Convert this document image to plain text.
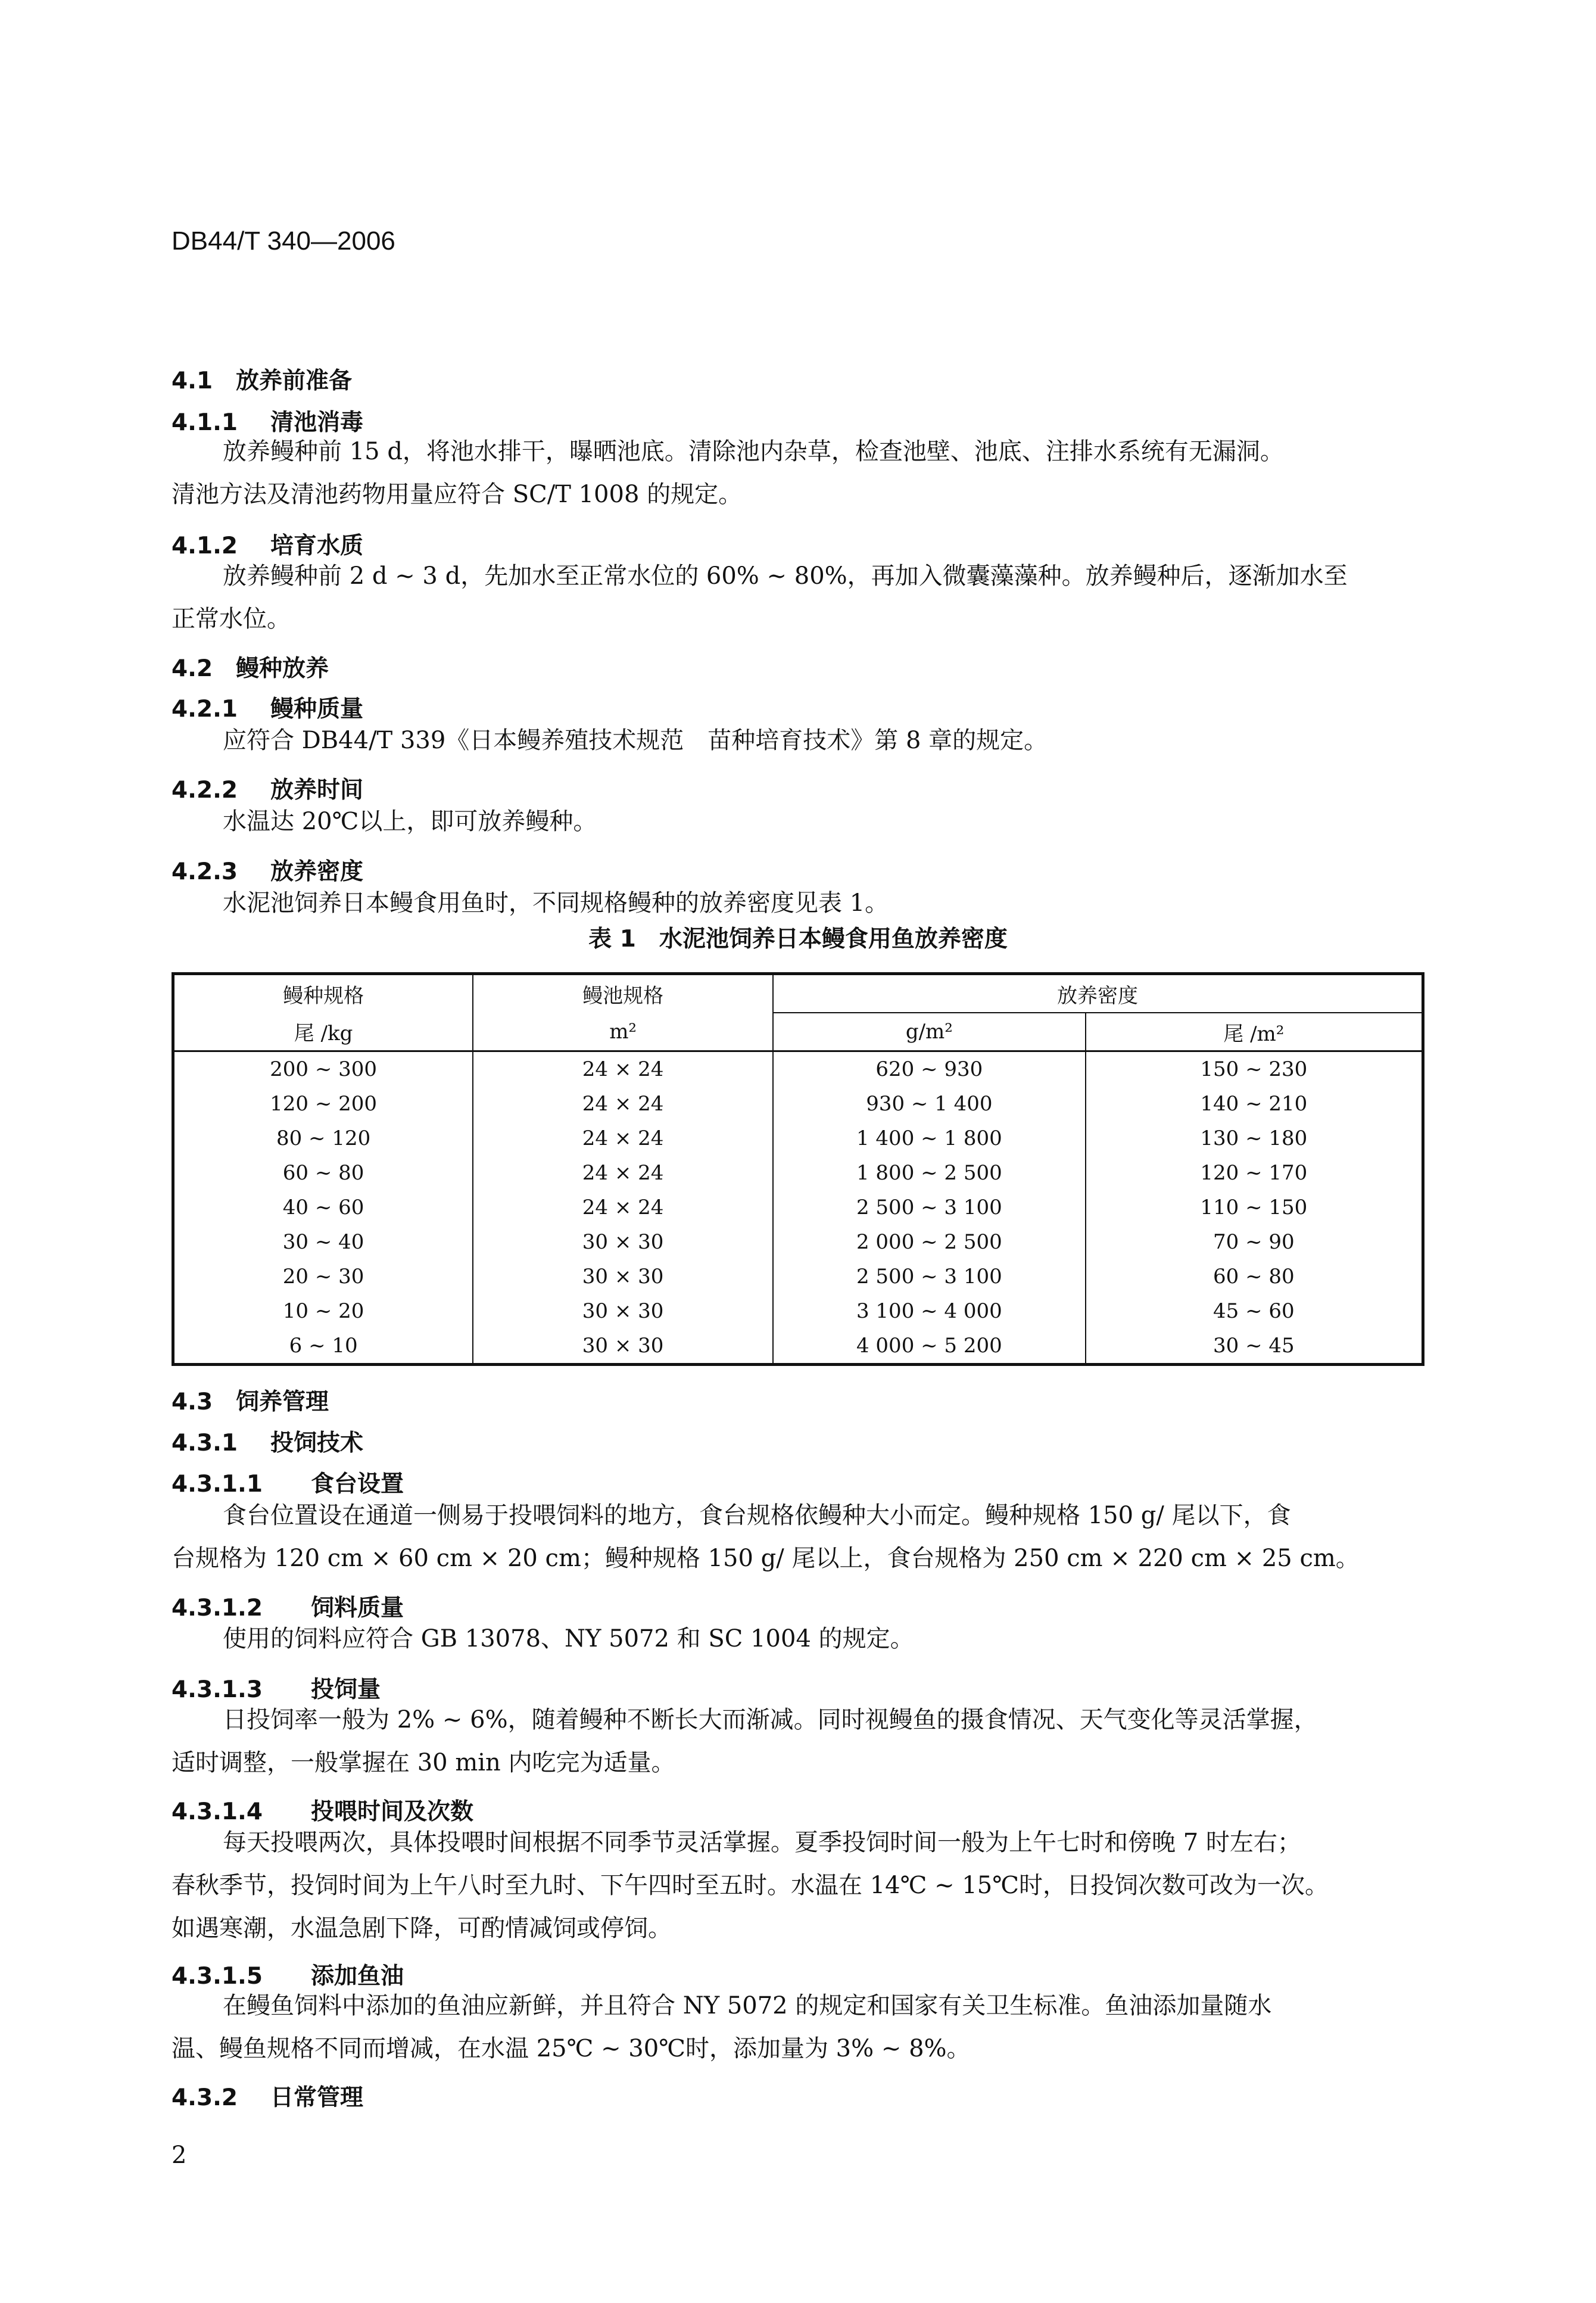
DB44/T 340—2006
4.1 放养前准备
4.1.1 清池消毒
放养鳗种前 15 d，将池水排干，曝晒池底。清除池内杂草，检查池壁、池底、注排水系统有无漏洞。
清池方法及清池药物用量应符合 SC/T 1008 的规定。
4.1.2 培育水质
放养鳗种前 2 d ~ 3 d，先加水至正常水位的 60% ~ 80%，再加入微囊藻藻种。放养鳗种后，逐渐加水至
正常水位。
4.2 鳗种放养
4.2.1 鳗种质量
应符合 DB44/T 339《日本鳗养殖技术规范　苗种培育技术》第 8 章的规定。
4.2.2 放养时间
水温达 20℃以上，即可放养鳗种。
4.2.3 放养密度
水泥池饲养日本鳗食用鱼时，不同规格鳗种的放养密度见表 1。
表 1　水泥池饲养日本鳗食用鱼放养密度
鳗种规格	鳗池规格	放养密度	
尾 /kg	m²	g/m²	尾 /m²
200 ~ 300	24 × 24	620 ~ 930	150 ~ 230
120 ~ 200	24 × 24	930 ~ 1 400	140 ~ 210
80 ~ 120	24 × 24	1 400 ~ 1 800	130 ~ 180
60 ~ 80	24 × 24	1 800 ~ 2 500	120 ~ 170
40 ~ 60	24 × 24	2 500 ~ 3 100	110 ~ 150
30 ~ 40	30 × 30	2 000 ~ 2 500	70 ~ 90
20 ~ 30	30 × 30	2 500 ~ 3 100	60 ~ 80
10 ~ 20	30 × 30	3 100 ~ 4 000	45 ~ 60
6 ~ 10	30 × 30	4 000 ~ 5 200	30 ~ 45
4.3 饲养管理
4.3.1 投饲技术
4.3.1.1 食台设置
食台位置设在通道一侧易于投喂饲料的地方，食台规格依鳗种大小而定。鳗种规格 150 g/ 尾以下，食
台规格为 120 cm × 60 cm × 20 cm；鳗种规格 150 g/ 尾以上，食台规格为 250 cm × 220 cm × 25 cm。
4.3.1.2 饲料质量
使用的饲料应符合 GB 13078、NY 5072 和 SC 1004 的规定。
4.3.1.3 投饲量
日投饲率一般为 2% ~ 6%，随着鳗种不断长大而渐减。同时视鳗鱼的摄食情况、天气变化等灵活掌握，
适时调整，一般掌握在 30 min 内吃完为适量。
4.3.1.4 投喂时间及次数
每天投喂两次，具体投喂时间根据不同季节灵活掌握。夏季投饲时间一般为上午七时和傍晚 7 时左右；
春秋季节，投饲时间为上午八时至九时、下午四时至五时。水温在 14℃ ~ 15℃时，日投饲次数可改为一次。
如遇寒潮，水温急剧下降，可酌情减饲或停饲。
4.3.1.5 添加鱼油
在鳗鱼饲料中添加的鱼油应新鲜，并且符合 NY 5072 的规定和国家有关卫生标准。鱼油添加量随水
温、鳗鱼规格不同而增减，在水温 25℃ ~ 30℃时，添加量为 3% ~ 8%。
4.3.2 日常管理
2
